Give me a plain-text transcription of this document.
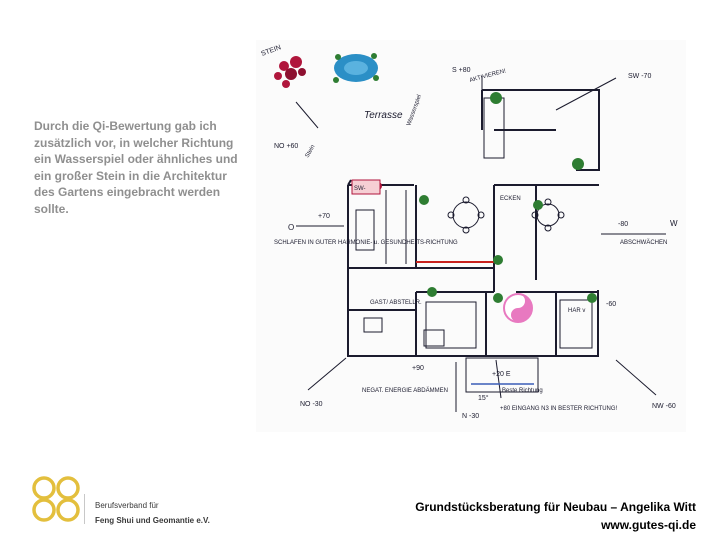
Durch die Qi-Bewertung gab ich zusätzlich vor, in welcher Richtung ein Wasserspiel oder ähnliches und ein großer Stein in die Architektur des Gartens eingebracht werden sollte.
STEIN
Terrasse
SW-
S +80
AKTIVIEREN!	SW -70
NO +60
+70
O
SCHLAFEN IN GUTER HARMONIE- u. GESUNDHEITS-RICHTUNG
-80	W
ABSCHWÄCHEN
GAST/ ABSTELLR.
HAR v
-60
NO -30
+90
NEGAT. ENERGIE ABDÄMMEN
N -30
+20 E
Beste Richtung
15°
+80 EINGANG N3 IN BESTER RICHTUNG!	NW -60
Stein
Wasserspiel
ECKEN
Berufsverband für
Feng Shui und Geomantie e.V.
Grundstücksberatung für Neubau – Angelika Witt
www.gutes-qi.de
